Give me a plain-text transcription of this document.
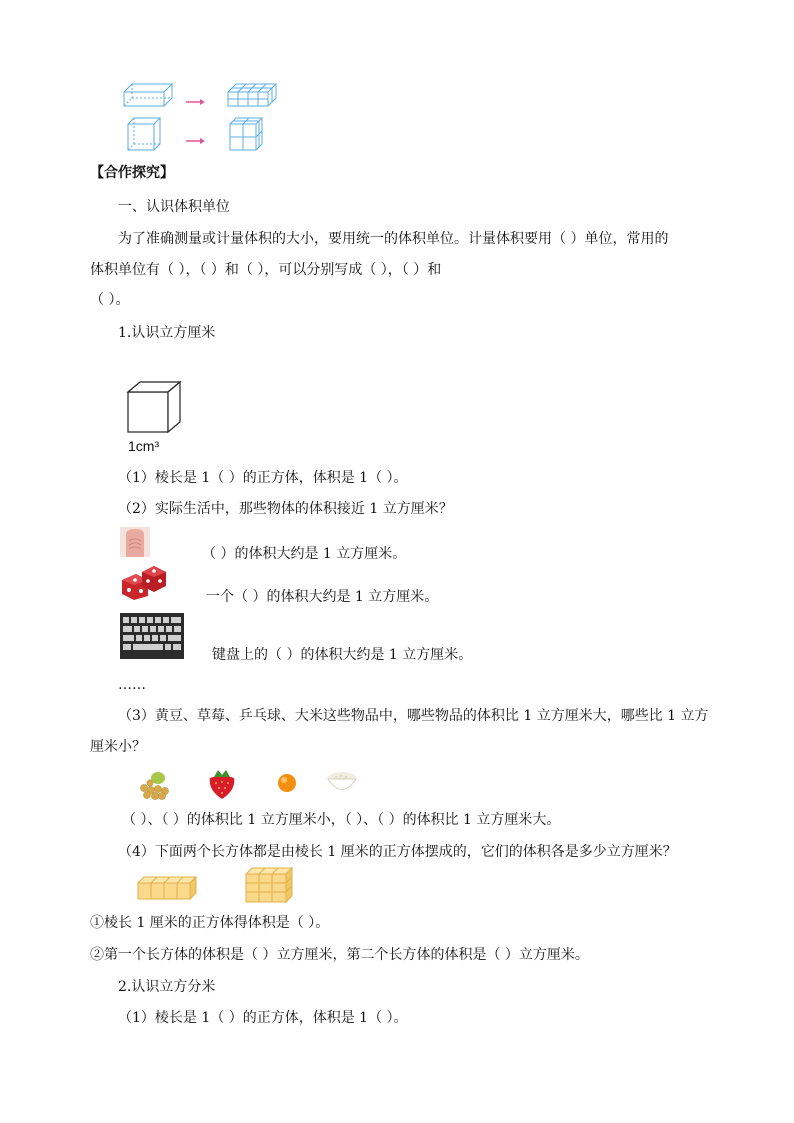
【合作探究】
一、认识体积单位
为了准确测量或计量体积的大小，要用统一的体积单位。计量体积要用（ ）单位，常用的
体积单位有（ ），（ ）和（ ），可以分别写成（ ），（ ）和
（ ）。
1.认识立方厘米
1cm³
（1）棱长是 1（ ）的正方体，体积是 1（ ）。
（2）实际生活中，那些物体的体积接近 1 立方厘米？
（ ）的体积大约是 1 立方厘米。
一个（ ）的体积大约是 1 立方厘米。
键盘上的（ ）的体积大约是 1 立方厘米。
……
（3）黄豆、草莓、乒乓球、大米这些物品中，哪些物品的体积比 1 立方厘米大，哪些比 1 立方
厘米小？
（ ）、（ ）的体积比 1 立方厘米小，（ ）、（ ）的体积比 1 立方厘米大。
（4）下面两个长方体都是由棱长 1 厘米的正方体摆成的，它们的体积各是多少立方厘米？
①棱长 1 厘米的正方体得体积是（ ）。
②第一个长方体的体积是（ ）立方厘米，第二个长方体的体积是（ ）立方厘米。
2.认识立方分米
（1）棱长是 1（ ）的正方体，体积是 1（ ）。
